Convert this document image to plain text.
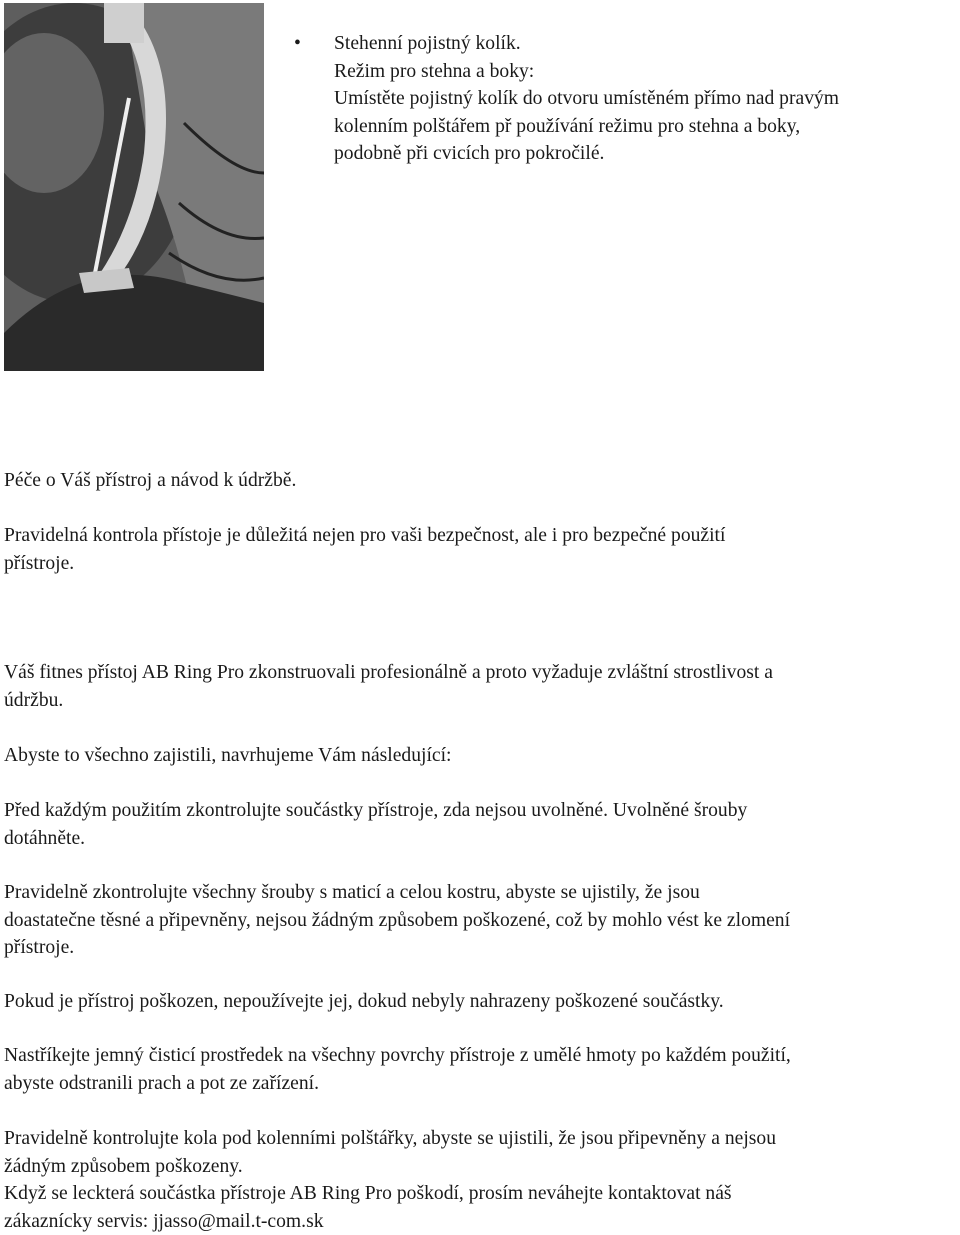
•	Stehenní pojistný kolík.

Režim pro stehna a boky:

Umístěte pojistný kolík do otvoru umístěném přímo nad pravým

kolenním polštářem př používání režimu pro stehna a boky,

podobně při cvicích pro pokročilé.

Péče o Váš přístroj a návod k údržbě.

Pravidelná kontrola přístoje je důležitá nejen pro vaši bezpečnost, ale i pro bezpečné použití

přístroje.

Váš fitnes přístoj AB Ring Pro zkonstruovali profesionálně a proto vyžaduje zvláštní strostlivost a

údržbu.

Abyste to všechno zajistili, navrhujeme Vám následující:

Před každým použitím zkontrolujte součástky přístroje, zda nejsou uvolněné. Uvolněné šrouby

dotáhněte.

Pravidelně zkontrolujte všechny šrouby s maticí a celou kostru, abyste se ujistily, že jsou

doastatečne těsné a připevněny, nejsou žádným způsobem poškozené, což by mohlo vést ke zlomení

přístroje.

Pokud je přístroj poškozen, nepoužívejte jej, dokud nebyly nahrazeny poškozené součástky.

Nastříkejte jemný čisticí prostředek na všechny povrchy přístroje z umělé hmoty po každém použití,

abyste odstranili prach a pot ze zařízení.

Pravidelně kontrolujte kola pod kolenními polštářky, abyste se ujistili, že jsou připevněny a nejsou

žádným způsobem poškozeny.

Když se leckterá součástka přístroje AB Ring Pro poškodí, prosím neváhejte kontaktovat náš

zákaznícky servis: jjasso@mail.t-com.sk
